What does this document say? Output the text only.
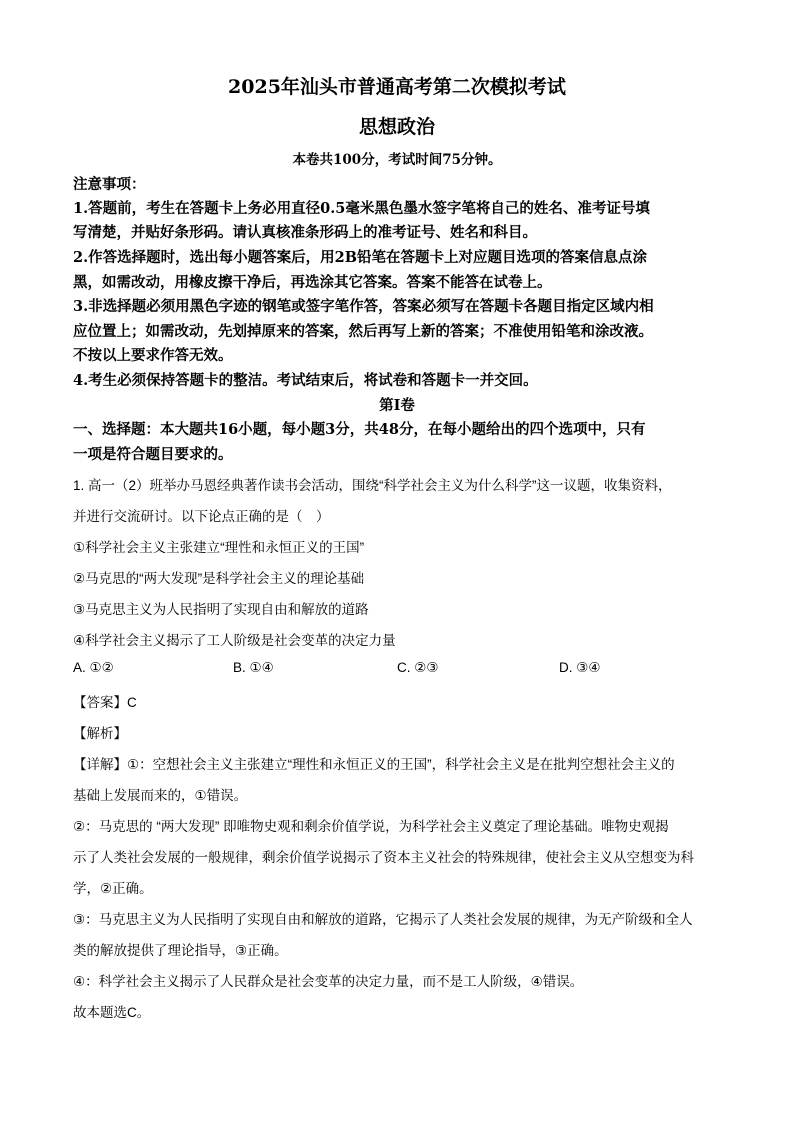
2025年汕头市普通高考第二次模拟考试
思想政治
本卷共100分，考试时间75分钟。
注意事项：
1.答题前，考生在答题卡上务必用直径0.5毫米黑色墨水签字笔将自己的姓名、准考证号填
写清楚，并贴好条形码。请认真核准条形码上的准考证号、姓名和科目。
2.作答选择题时，选出每小题答案后，用2B铅笔在答题卡上对应题目选项的答案信息点涂
黑，如需改动，用橡皮擦干净后，再选涂其它答案。答案不能答在试卷上。
3.非选择题必须用黑色字迹的钢笔或签字笔作答，答案必须写在答题卡各题目指定区域内相
应位置上；如需改动，先划掉原来的答案，然后再写上新的答案；不准使用铅笔和涂改液。
不按以上要求作答无效。
4.考生必须保持答题卡的整洁。考试结束后，将试卷和答题卡一并交回。
第Ⅰ卷
一、选择题：本大题共16小题，每小题3分，共48分，在每小题给出的四个选项中，只有
一项是符合题目要求的。
1. 高一（2）班举办马恩经典著作读书会活动，围绕“科学社会主义为什么科学”这一议题，收集资料，
并进行交流研讨。以下论点正确的是（　）
①科学社会主义主张建立“理性和永恒正义的王国”
②马克思的“两大发现”是科学社会主义的理论基础
③马克思主义为人民指明了实现自由和解放的道路
④科学社会主义揭示了工人阶级是社会变革的决定力量
A. ①②	B. ①④	C. ②③	D. ③④
【答案】C
【解析】
【详解】①：空想社会主义主张建立“理性和永恒正义的王国”，科学社会主义是在批判空想社会主义的
基础上发展而来的，①错误。
②：马克思的 “两大发现” 即唯物史观和剩余价值学说，为科学社会主义奠定了理论基础。唯物史观揭
示了人类社会发展的一般规律，剩余价值学说揭示了资本主义社会的特殊规律，使社会主义从空想变为科
学，②正确。
③：马克思主义为人民指明了实现自由和解放的道路，它揭示了人类社会发展的规律，为无产阶级和全人
类的解放提供了理论指导，③正确。
④：科学社会主义揭示了人民群众是社会变革的决定力量，而不是工人阶级，④错误。
故本题选C。
